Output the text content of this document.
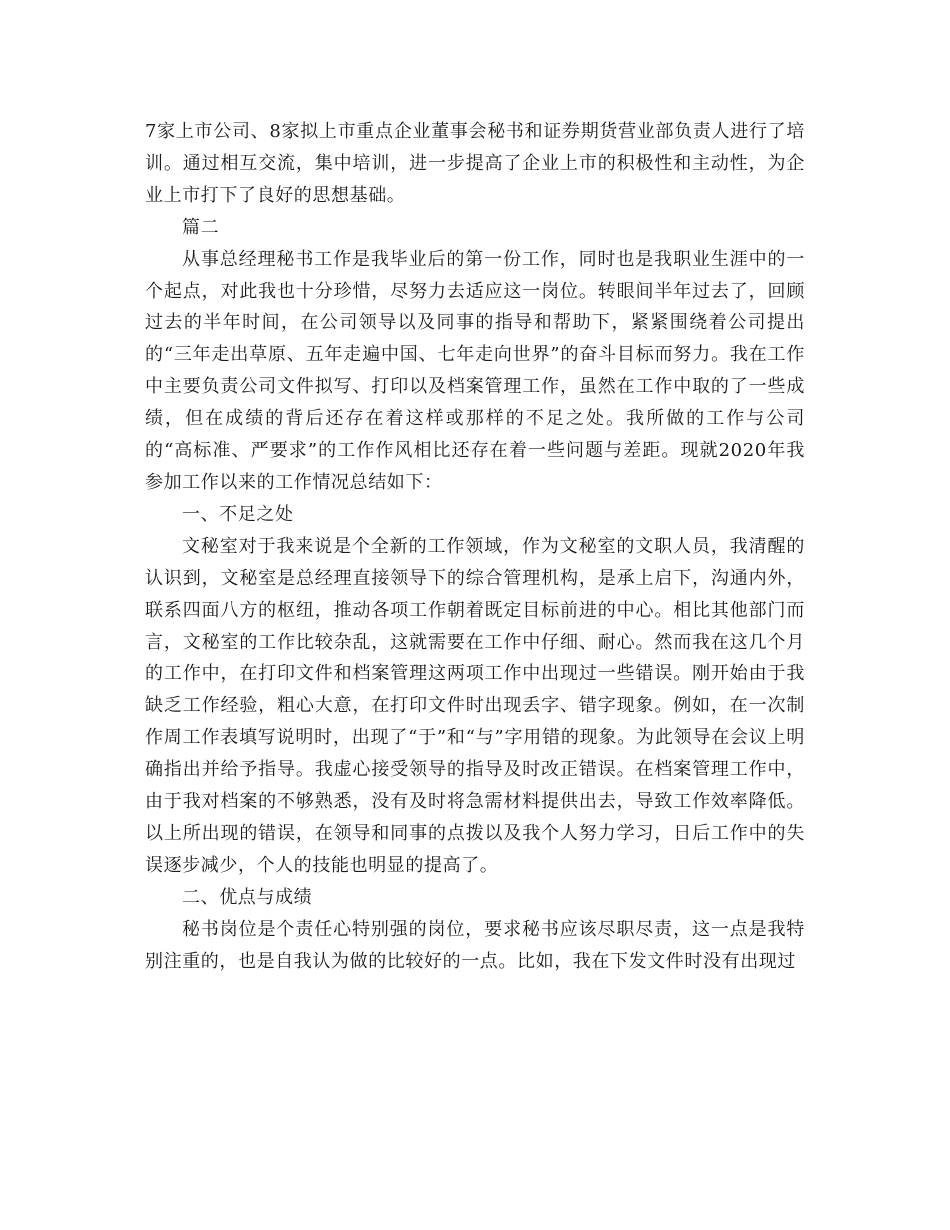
7家上市公司、8家拟上市重点企业董事会秘书和证券期货营业部负责人进行了培训。通过相互交流，集中培训，进一步提高了企业上市的积极性和主动性，为企业上市打下了良好的思想基础。

篇二

从事总经理秘书工作是我毕业后的第一份工作，同时也是我职业生涯中的一个起点，对此我也十分珍惜，尽努力去适应这一岗位。转眼间半年过去了，回顾过去的半年时间，在公司领导以及同事的指导和帮助下，紧紧围绕着公司提出的“三年走出草原、五年走遍中国、七年走向世界”的奋斗目标而努力。我在工作中主要负责公司文件拟写、打印以及档案管理工作，虽然在工作中取的了一些成绩，但在成绩的背后还存在着这样或那样的不足之处。我所做的工作与公司的“高标准、严要求”的工作作风相比还存在着一些问题与差距。现就2020年我参加工作以来的工作情况总结如下：

一、不足之处

文秘室对于我来说是个全新的工作领域，作为文秘室的文职人员，我清醒的认识到，文秘室是总经理直接领导下的综合管理机构，是承上启下，沟通内外，联系四面八方的枢纽，推动各项工作朝着既定目标前进的中心。相比其他部门而言，文秘室的工作比较杂乱，这就需要在工作中仔细、耐心。然而我在这几个月的工作中，在打印文件和档案管理这两项工作中出现过一些错误。刚开始由于我缺乏工作经验，粗心大意，在打印文件时出现丢字、错字现象。例如，在一次制作周工作表填写说明时，出现了“于”和“与”字用错的现象。为此领导在会议上明确指出并给予指导。我虚心接受领导的指导及时改正错误。在档案管理工作中，由于我对档案的不够熟悉，没有及时将急需材料提供出去，导致工作效率降低。以上所出现的错误，在领导和同事的点拨以及我个人努力学习，日后工作中的失误逐步减少，个人的技能也明显的提高了。

二、优点与成绩

秘书岗位是个责任心特别强的岗位，要求秘书应该尽职尽责，这一点是我特别注重的，也是自我认为做的比较好的一点。比如，我在下发文件时没有出现过
